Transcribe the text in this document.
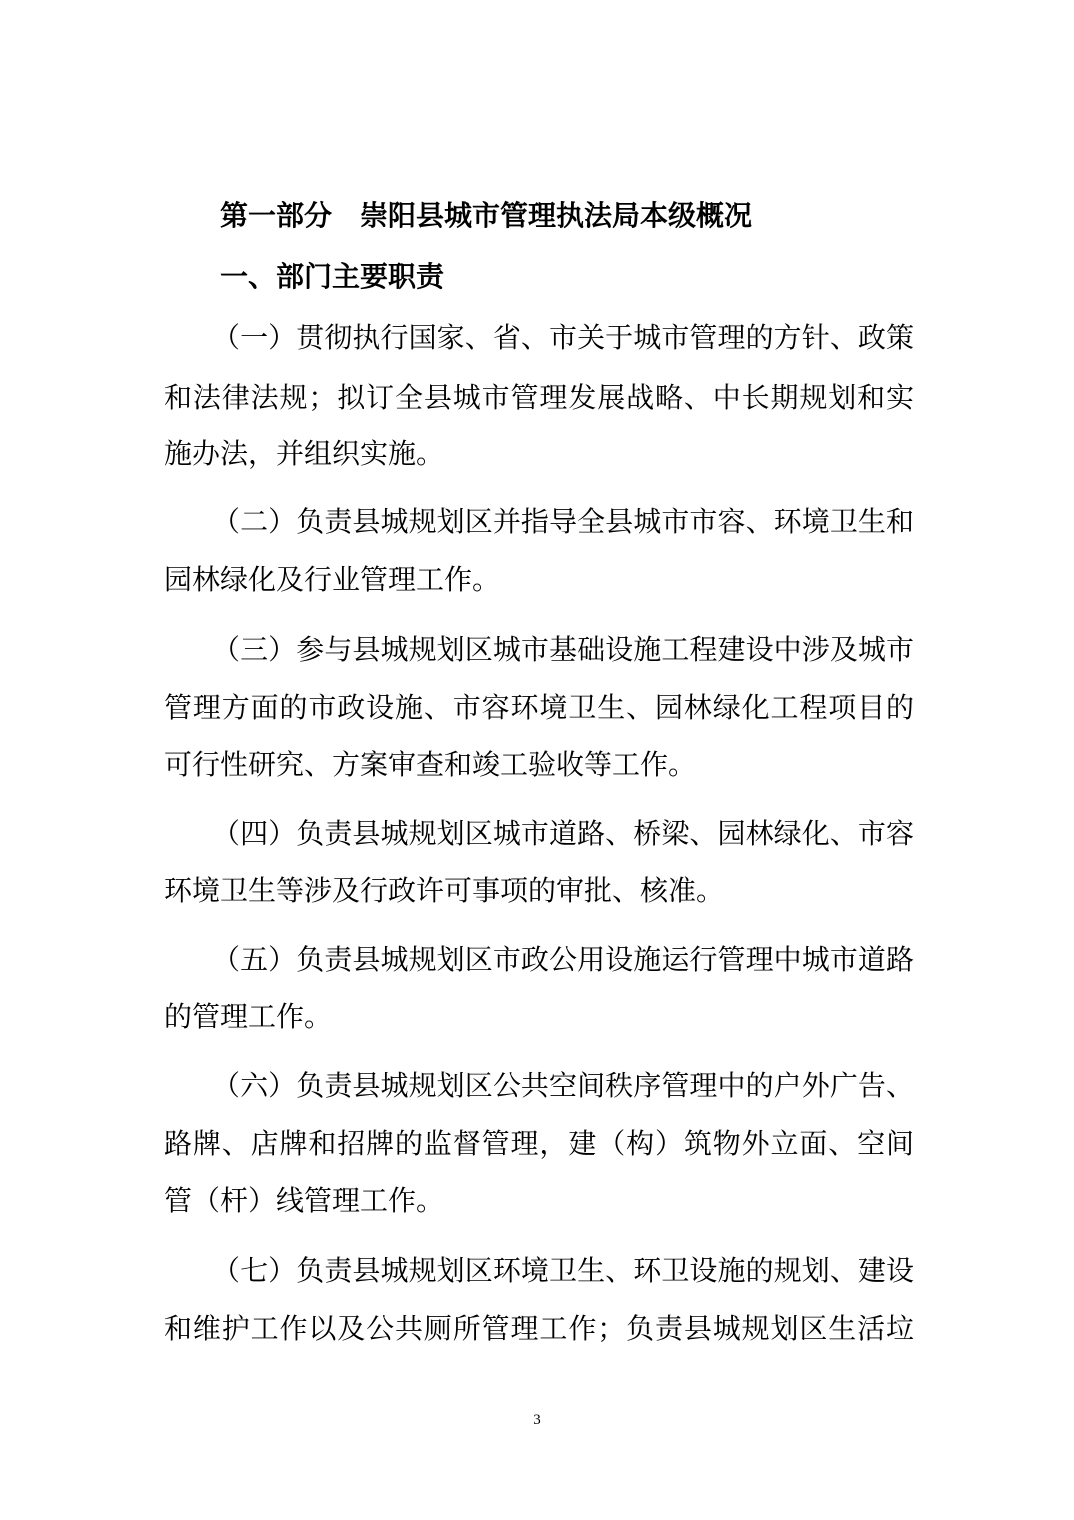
第一部分　崇阳县城市管理执法局本级概况
一、部门主要职责
（一）贯彻执行国家、省、市关于城市管理的方针、政策
和法律法规；拟订全县城市管理发展战略、中长期规划和实
施办法，并组织实施。
（二）负责县城规划区并指导全县城市市容、环境卫生和
园林绿化及行业管理工作。
（三）参与县城规划区城市基础设施工程建设中涉及城市
管理方面的市政设施、市容环境卫生、园林绿化工程项目的
可行性研究、方案审查和竣工验收等工作。
（四）负责县城规划区城市道路、桥梁、园林绿化、市容
环境卫生等涉及行政许可事项的审批、核准。
（五）负责县城规划区市政公用设施运行管理中城市道路
的管理工作。
（六）负责县城规划区公共空间秩序管理中的户外广告、
路牌、店牌和招牌的监督管理，建（构）筑物外立面、空间
管（杆）线管理工作。
（七）负责县城规划区环境卫生、环卫设施的规划、建设
和维护工作以及公共厕所管理工作；负责县城规划区生活垃
3
